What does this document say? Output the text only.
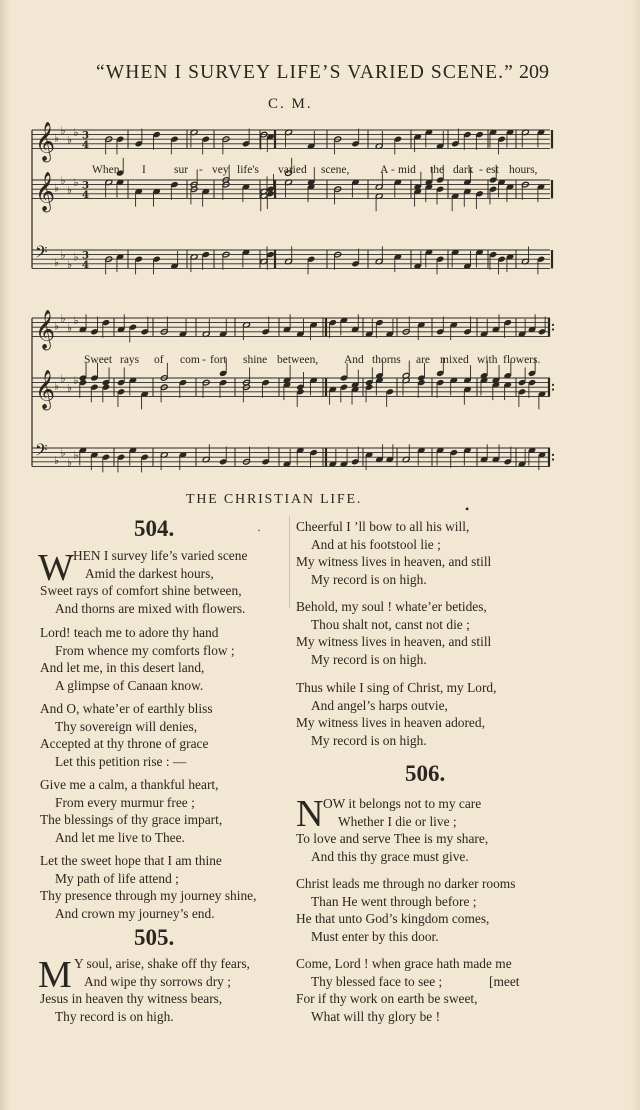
“WHEN I SURVEY LIFE’S VARIED SCENE.” 209
C. M.
𝄞
♭
♭
♭
♭ 3
4
𝄞
♭
♭
♭
♭ 3
4
𝄢 ♭
♭
♭
♭ 3
4
When I sur - vey life's varied scene,	A - mid the dark - est hours,
𝄞
♭
♭
♭
♭
𝄞
♭
♭
♭
♭
𝄢 ♭
♭
♭
♭
Sweet rays of com - fort shine between, And thorns are mixed with flowers.
THE CHRISTIAN LIFE.
504.	·
W HEN I survey life’s varied scene
Amid the darkest hours,
Sweet rays of comfort shine between,
And thorns are mixed with flowers.
Lord! teach me to adore thy hand
From whence my comforts flow ;
And let me, in this desert land,
A glimpse of Canaan know.
And O, whate’er of earthly bliss
Thy sovereign will denies,
Accepted at thy throne of grace
Let this petition rise : —
Give me a calm, a thankful heart,
From every murmur free ;
The blessings of thy grace impart,
And let me live to Thee.
Let the sweet hope that I am thine
My path of life attend ;
Thy presence through my journey shine,
And crown my journey’s end.
505.
M Y soul, arise, shake off thy fears,
And wipe thy sorrows dry ;
Jesus in heaven thy witness bears,
Thy record is on high.
Cheerful I ’ll bow to all his will,
And at his footstool lie ;
My witness lives in heaven, and still
My record is on high.
•
Behold, my soul ! whate’er betides,
Thou shalt not, canst not die ;
My witness lives in heaven, and still
My record is on high.
Thus while I sing of Christ, my Lord,
And angel’s harps outvie,
My witness lives in heaven adored,
My record is on high.
506.
N OW it belongs not to my care
Whether I die or live ;
To love and serve Thee is my share,
And this thy grace must give.
Christ leads me through no darker rooms
Than He went through before ;
He that unto God’s kingdom comes,
Must enter by this door.
Come, Lord ! when grace hath made me
Thy blessed face to see ;	[meet
For if thy work on earth be sweet,
What will thy glory be !
